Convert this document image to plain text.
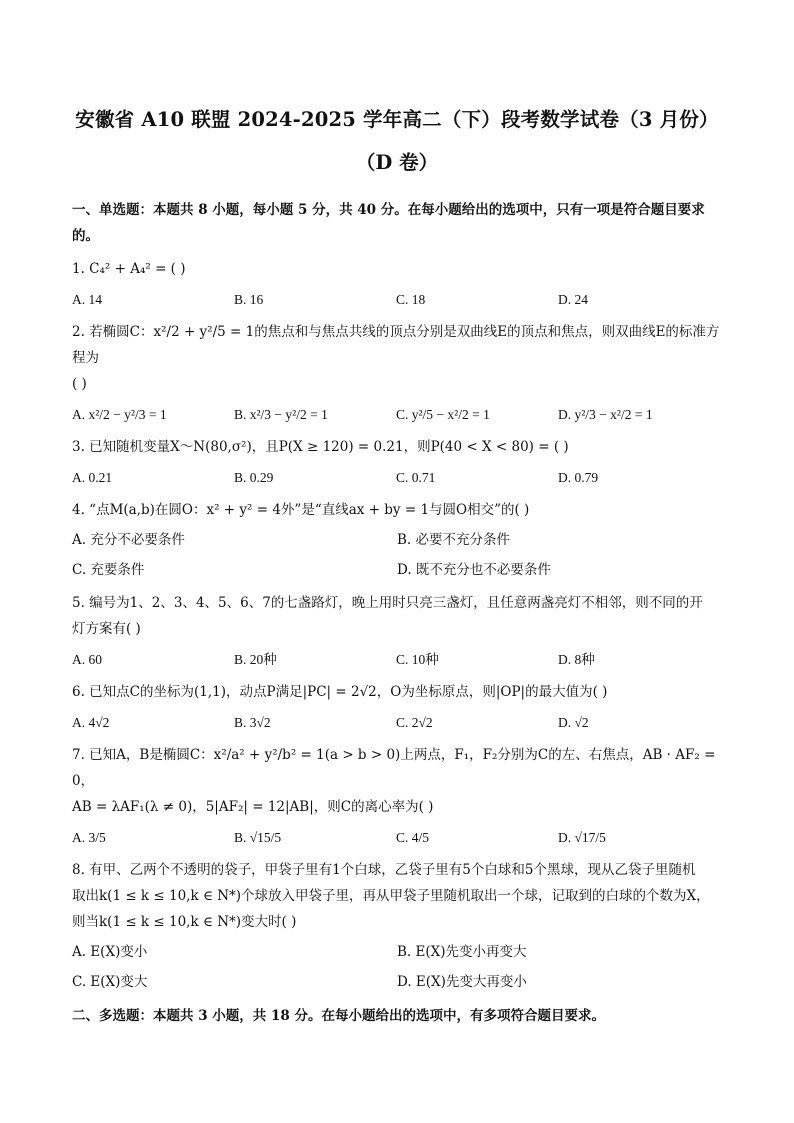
安徽省 A10 联盟 2024-2025 学年高二（下）段考数学试卷（3 月份）
（D 卷）
一、单选题：本题共 8 小题，每小题 5 分，共 40 分。在每小题给出的选项中，只有一项是符合题目要求
的。
1. C₄² + A₄² = ( )
A. 14	B. 16	C. 18	D. 24
2. 若椭圆C：x²/2 + y²/5 = 1的焦点和与焦点共线的顶点分别是双曲线E的顶点和焦点，则双曲线E的标准方程为
( )
A. x²/2 − y²/3 = 1	B. x²/3 − y²/2 = 1	C. y²/5 − x²/2 = 1	D. y²/3 − x²/2 = 1
3. 已知随机变量X～N(80,σ²)，且P(X ≥ 120) = 0.21，则P(40 < X < 80) = ( )
A. 0.21	B. 0.29	C. 0.71	D. 0.79
4. “点M(a,b)在圆O：x² + y² = 4外”是“直线ax + by = 1与圆O相交”的( )
A. 充分不必要条件	B. 必要不充分条件
C. 充要条件	D. 既不充分也不必要条件
5. 编号为1、2、3、4、5、6、7的七盏路灯，晚上用时只亮三盏灯，且任意两盏亮灯不相邻，则不同的开
灯方案有( )
A. 60	B. 20种	C. 10种	D. 8种
6. 已知点C的坐标为(1,1)，动点P满足|PC| = 2√2，O为坐标原点，则|OP|的最大值为( )
A. 4√2	B. 3√2	C. 2√2	D. √2
7. 已知A，B是椭圆C：x²/a² + y²/b² = 1(a > b > 0)上两点，F₁，F₂分别为C的左、右焦点，AB · AF₂ = 0，
AB = λAF₁(λ ≠ 0)，5|AF₂| = 12|AB|，则C的离心率为( )
A. 3/5	B. √15/5	C. 4/5	D. √17/5
8. 有甲、乙两个不透明的袋子，甲袋子里有1个白球，乙袋子里有5个白球和5个黑球，现从乙袋子里随机
取出k(1 ≤ k ≤ 10,k ∈ N*)个球放入甲袋子里，再从甲袋子里随机取出一个球，记取到的白球的个数为X，
则当k(1 ≤ k ≤ 10,k ∈ N*)变大时( )
A. E(X)变小	B. E(X)先变小再变大
C. E(X)变大	D. E(X)先变大再变小
二、多选题：本题共 3 小题，共 18 分。在每小题给出的选项中，有多项符合题目要求。
